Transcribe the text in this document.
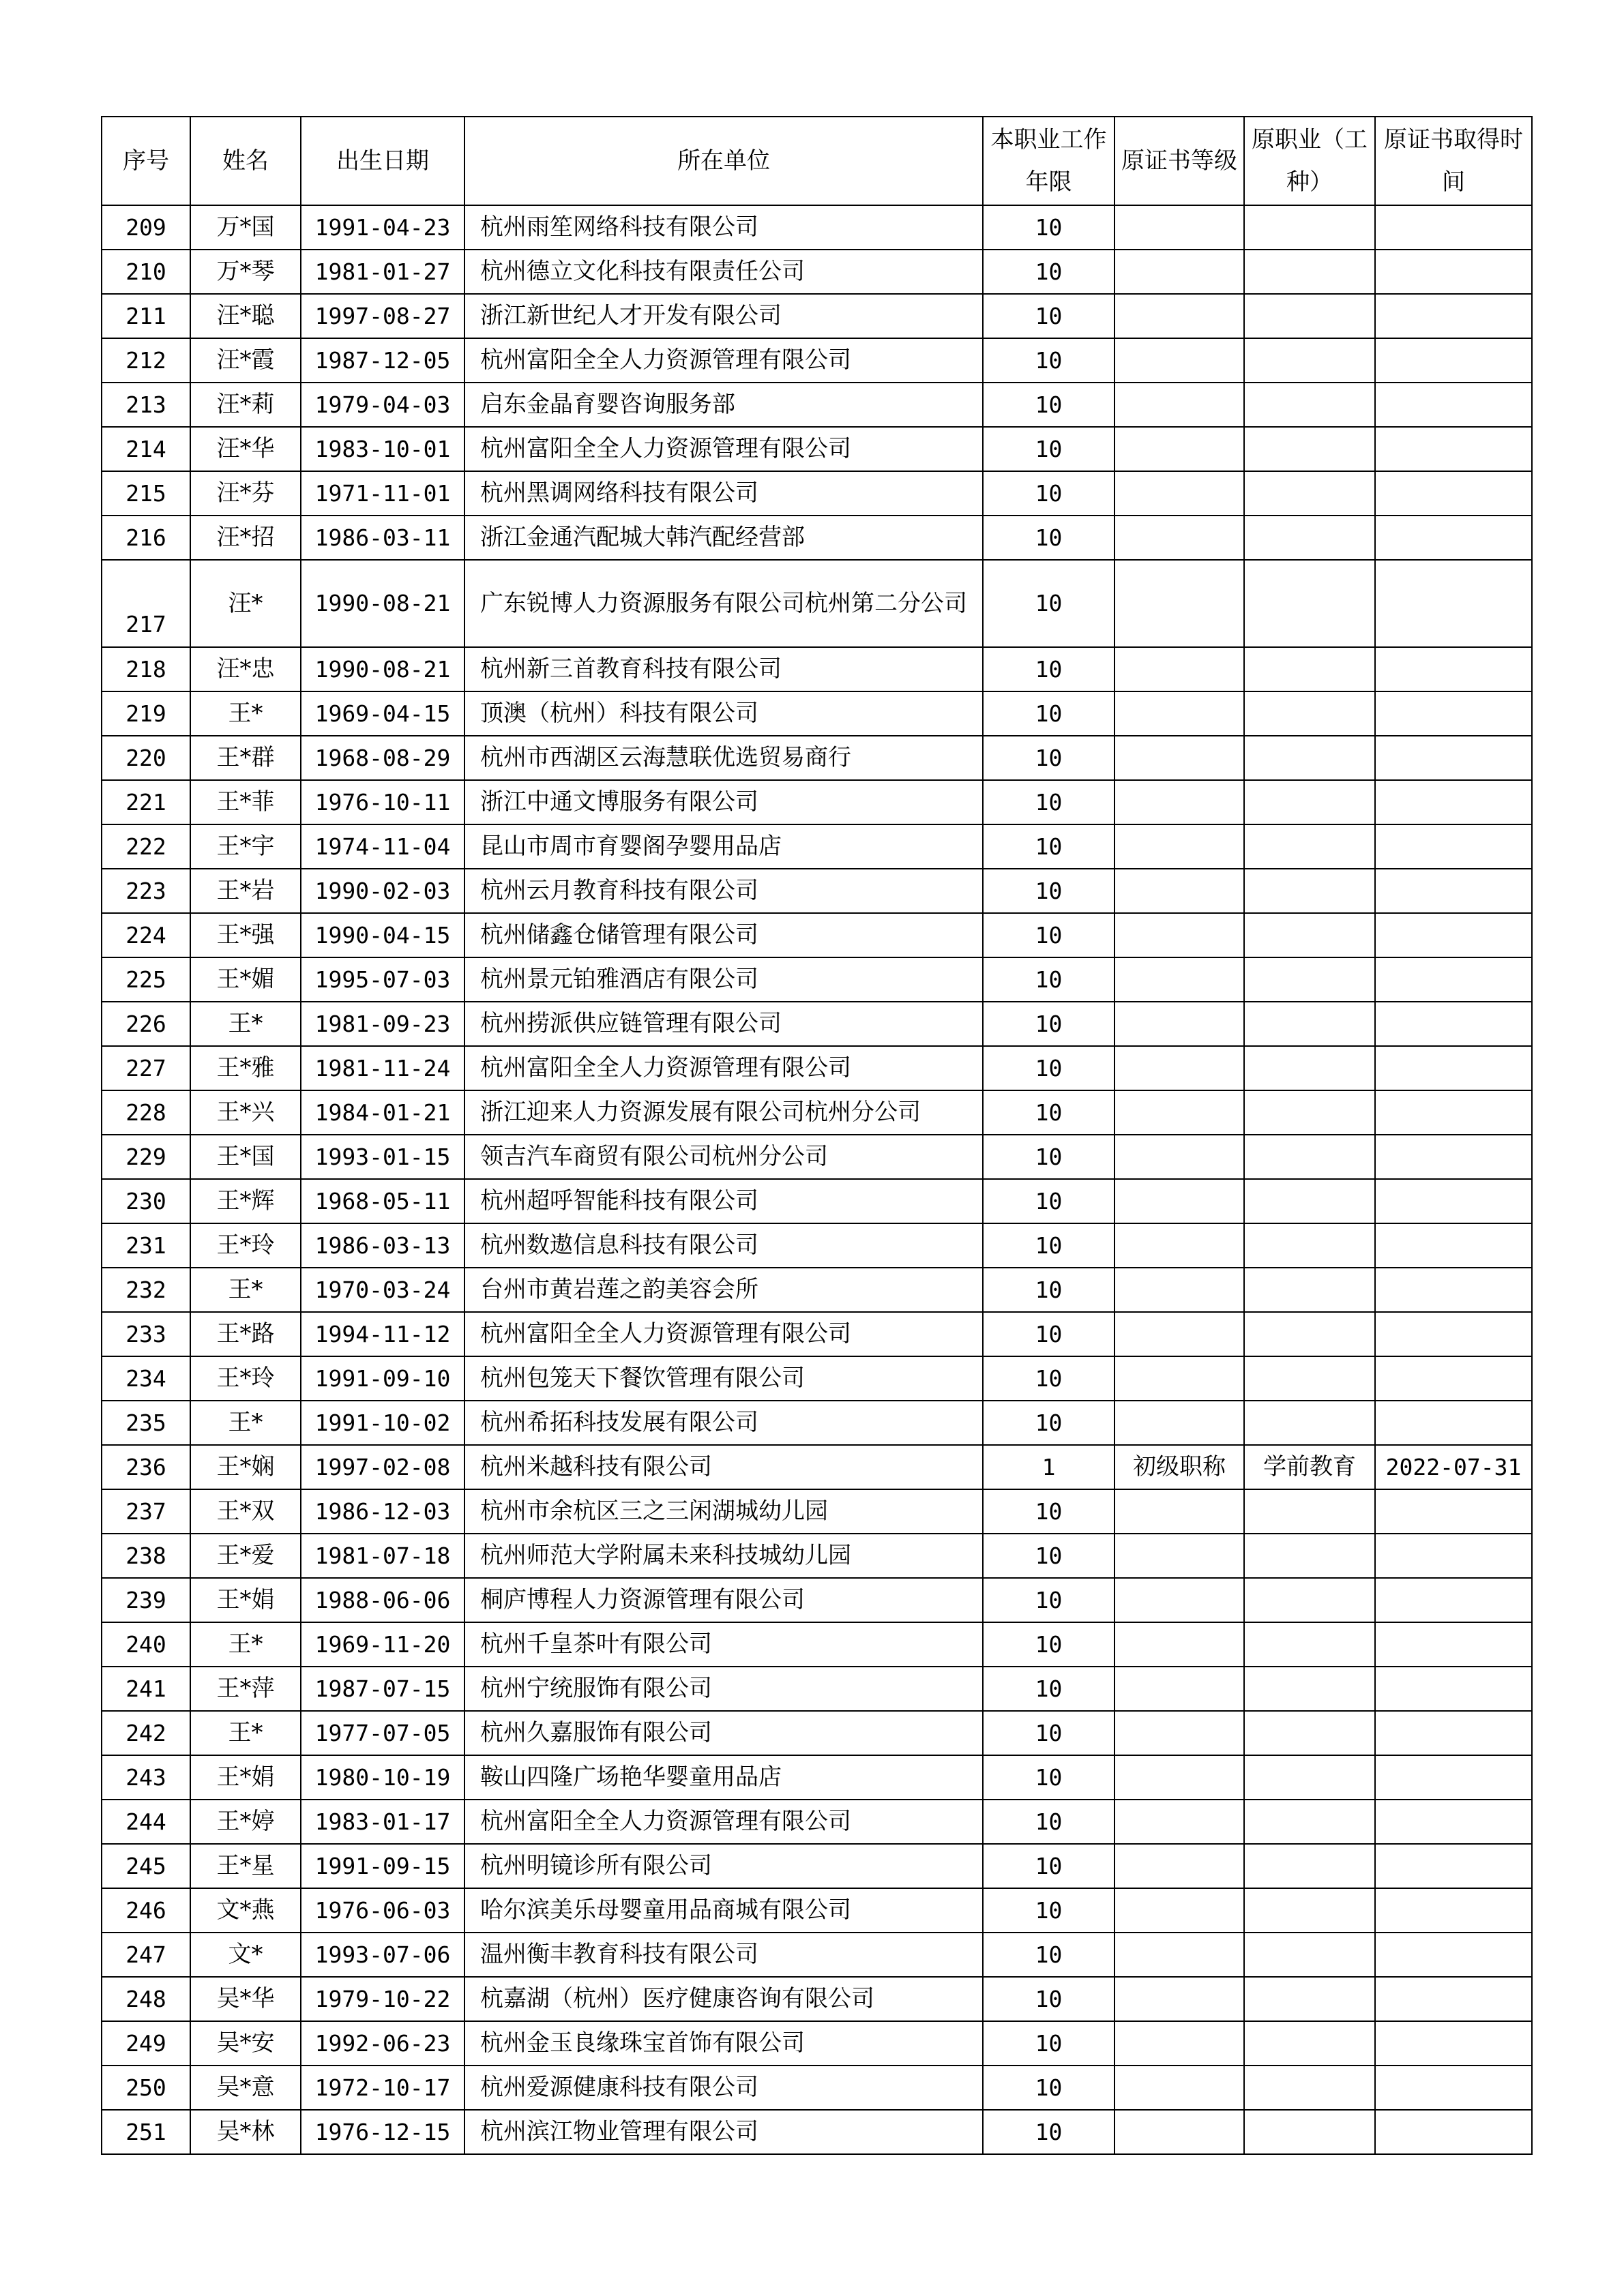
序号	姓名	出生日期	所在单位	本职业工作年限	原证书等级	原职业（工种）	原证书取得时间
209	万*国	1991-04-23	杭州雨笙网络科技有限公司	10			
210	万*琴	1981-01-27	杭州德立文化科技有限责任公司	10			
211	汪*聪	1997-08-27	浙江新世纪人才开发有限公司	10			
212	汪*霞	1987-12-05	杭州富阳全全人力资源管理有限公司	10			
213	汪*莉	1979-04-03	启东金晶育婴咨询服务部	10			
214	汪*华	1983-10-01	杭州富阳全全人力资源管理有限公司	10			
215	汪*芬	1971-11-01	杭州黑调网络科技有限公司	10			
216	汪*招	1986-03-11	浙江金通汽配城大韩汽配经营部	10			
217	汪*	1990-08-21	广东锐博人力资源服务有限公司杭州第二分公司	10			
218	汪*忠	1990-08-21	杭州新三首教育科技有限公司	10			
219	王*	1969-04-15	顶澳（杭州）科技有限公司	10			
220	王*群	1968-08-29	杭州市西湖区云海慧联优选贸易商行	10			
221	王*菲	1976-10-11	浙江中通文博服务有限公司	10			
222	王*宇	1974-11-04	昆山市周市育婴阁孕婴用品店	10			
223	王*岩	1990-02-03	杭州云月教育科技有限公司	10			
224	王*强	1990-04-15	杭州储鑫仓储管理有限公司	10			
225	王*媚	1995-07-03	杭州景元铂雅酒店有限公司	10			
226	王*	1981-09-23	杭州捞派供应链管理有限公司	10			
227	王*雅	1981-11-24	杭州富阳全全人力资源管理有限公司	10			
228	王*兴	1984-01-21	浙江迎来人力资源发展有限公司杭州分公司	10			
229	王*国	1993-01-15	领吉汽车商贸有限公司杭州分公司	10			
230	王*辉	1968-05-11	杭州超呼智能科技有限公司	10			
231	王*玲	1986-03-13	杭州数遨信息科技有限公司	10			
232	王*	1970-03-24	台州市黄岩莲之韵美容会所	10			
233	王*路	1994-11-12	杭州富阳全全人力资源管理有限公司	10			
234	王*玲	1991-09-10	杭州包笼天下餐饮管理有限公司	10			
235	王*	1991-10-02	杭州希拓科技发展有限公司	10			
236	王*娴	1997-02-08	杭州米越科技有限公司	1	初级职称	学前教育	2022-07-31
237	王*双	1986-12-03	杭州市余杭区三之三闲湖城幼儿园	10			
238	王*爱	1981-07-18	杭州师范大学附属未来科技城幼儿园	10			
239	王*娟	1988-06-06	桐庐博程人力资源管理有限公司	10			
240	王*	1969-11-20	杭州千皇茶叶有限公司	10			
241	王*萍	1987-07-15	杭州宁统服饰有限公司	10			
242	王*	1977-07-05	杭州久嘉服饰有限公司	10			
243	王*娟	1980-10-19	鞍山四隆广场艳华婴童用品店	10			
244	王*婷	1983-01-17	杭州富阳全全人力资源管理有限公司	10			
245	王*星	1991-09-15	杭州明镜诊所有限公司	10			
246	文*燕	1976-06-03	哈尔滨美乐母婴童用品商城有限公司	10			
247	文*	1993-07-06	温州衡丰教育科技有限公司	10			
248	吴*华	1979-10-22	杭嘉湖（杭州）医疗健康咨询有限公司	10			
249	吴*安	1992-06-23	杭州金玉良缘珠宝首饰有限公司	10			
250	吴*意	1972-10-17	杭州爱源健康科技有限公司	10			
251	吴*林	1976-12-15	杭州滨江物业管理有限公司	10			
